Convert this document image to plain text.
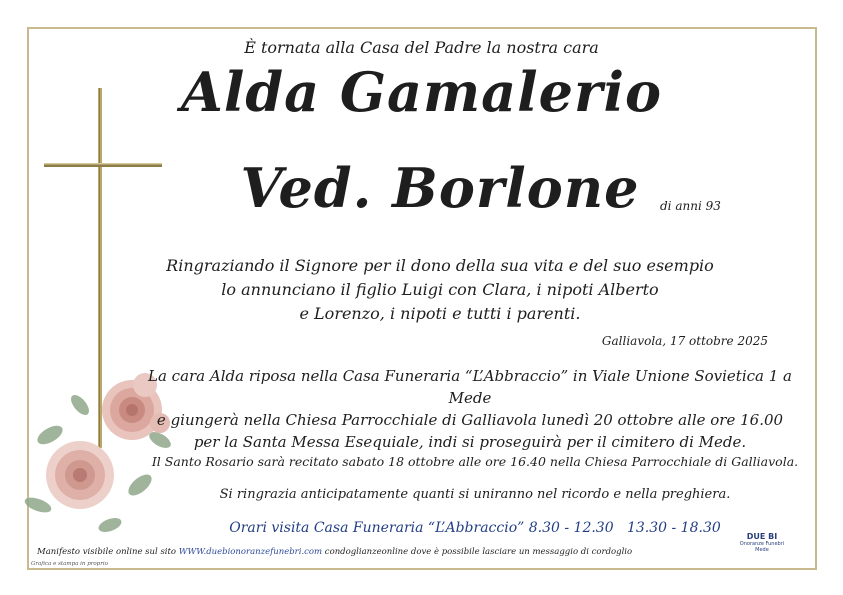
È tornata alla Casa del Padre la nostra cara
Alda Gamalerio
Ved. Borlone	di anni 93
Ringraziando il Signore per il dono della sua vita e del suo esempio
lo annunciano il figlio Luigi con Clara, i nipoti Alberto
e Lorenzo, i nipoti e tutti i parenti.
Galliavola, 17 ottobre 2025
La cara Alda riposa nella Casa Funeraria “L’Abbraccio” in Viale Unione Sovietica 1 a Mede
e giungerà nella Chiesa Parrocchiale di Galliavola lunedì 20 ottobre alle ore 16.00
per la Santa Messa Esequiale, indi si proseguirà per il cimitero di Mede.
Il Santo Rosario sarà recitato sabato 18 ottobre alle ore 16.40 nella Chiesa Parrocchiale di Galliavola.
Si ringrazia anticipatamente quanti si uniranno nel ricordo e nella preghiera.
Orari visita Casa Funeraria “L’Abbraccio” 8.30 - 12.30   13.30 - 18.30
Manifesto visibile online sul sito WWW.duebionoranzefunebri.com condoglianzeonline dove è possibile lasciare un messaggio di cordoglio
Grafica e stampa in proprio
DUE BI
Onoranze Funebri
Mede
